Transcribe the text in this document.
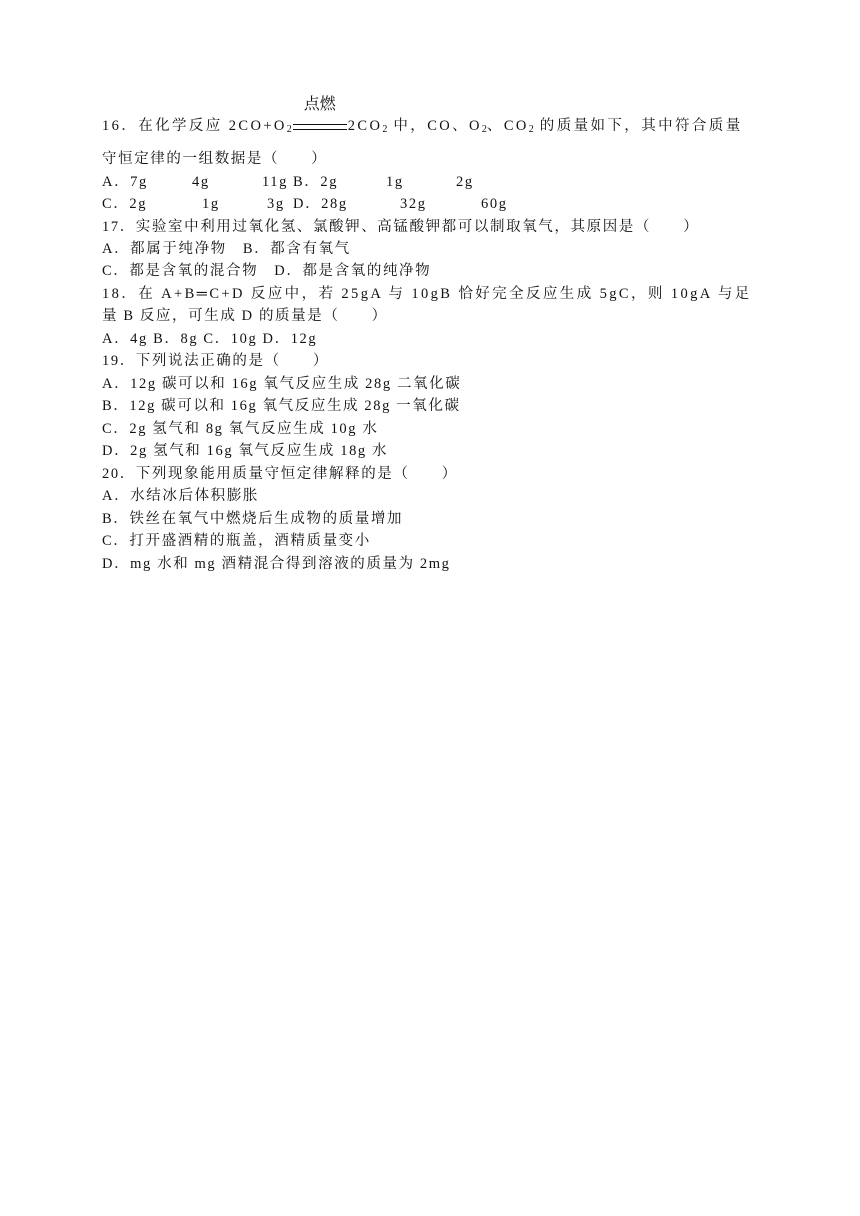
16．在化学反应 $2CO+O_2$
点燃
$2CO_2$ 中，CO、$O_2$、$CO_2$ 的质量如下，其中符合质量
守恒定律的一组数据是（　　）
A．7g	4g	11g B．2g	1g	2g
C．2g	1g	3g D．28g	32g	60g
17．实验室中利用过氧化氢、氯酸钾、高锰酸钾都可以制取氧气，其原因是（　　）
A．都属于纯净物　B．都含有氧气
C．都是含氧的混合物　D．都是含氧的纯净物
18．在 A+B═C+D 反应中，若 25gA 与 10gB 恰好完全反应生成 5gC，则 10gA 与足
量 B 反应，可生成 D 的质量是（　　）
A．4g B．8g C．10g D．12g
19．下列说法正确的是（　　）
A．12g 碳可以和 16g 氧气反应生成 28g 二氧化碳
B．12g 碳可以和 16g 氧气反应生成 28g 一氧化碳
C．2g 氢气和 8g 氧气反应生成 10g 水
D．2g 氢气和 16g 氧气反应生成 18g 水
20．下列现象能用质量守恒定律解释的是（　　）
A．水结冰后体积膨胀
B．铁丝在氧气中燃烧后生成物的质量增加
C．打开盛酒精的瓶盖，酒精质量变小
D．mg 水和 mg 酒精混合得到溶液的质量为 2mg
